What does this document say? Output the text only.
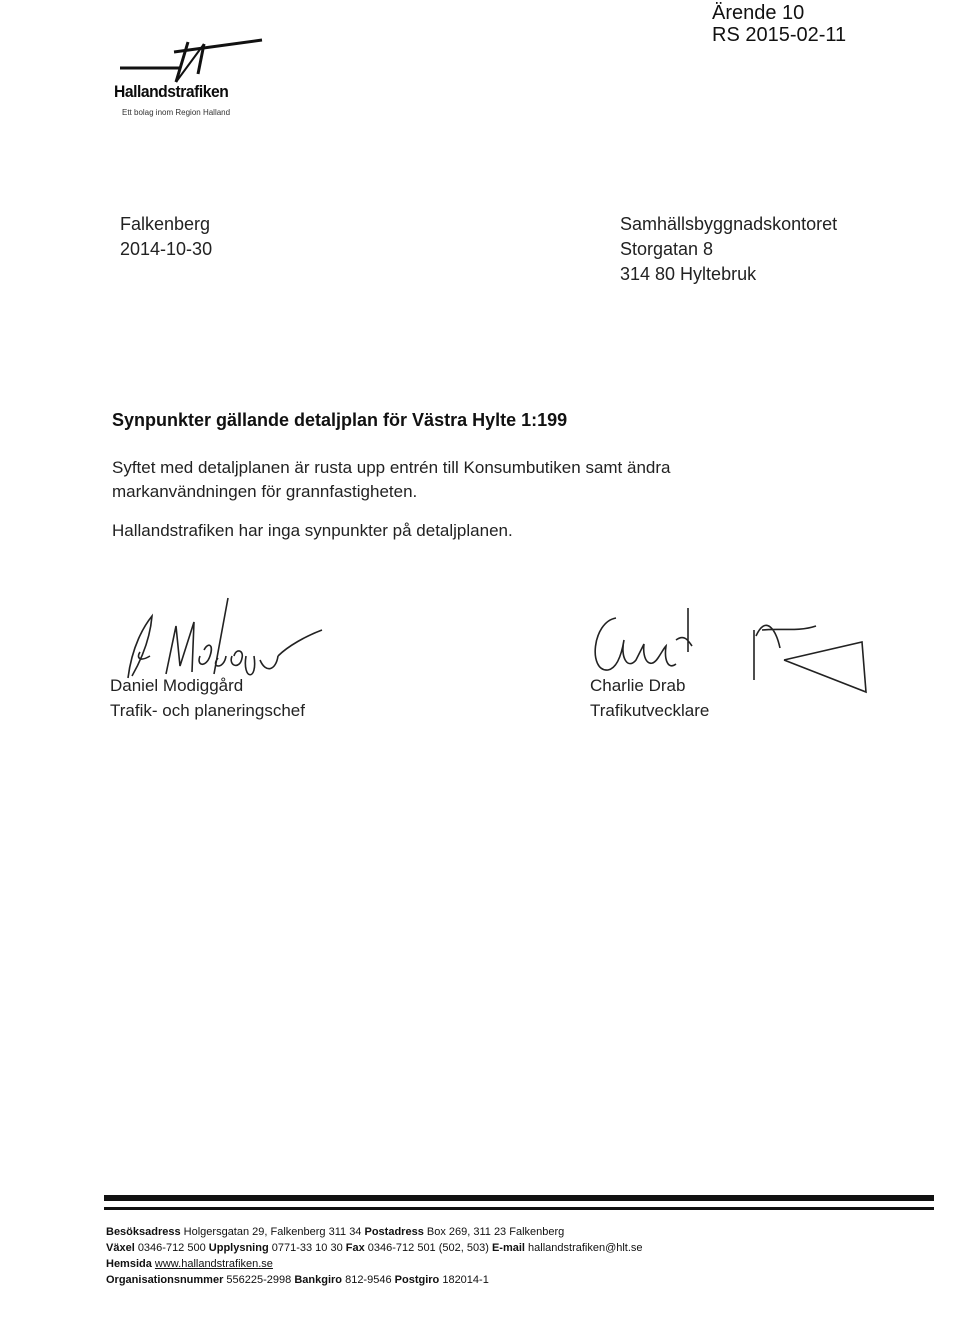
Ärende 10
RS 2015-02-11
Hallandstrafiken
Ett bolag inom Region Halland
Falkenberg
2014-10-30
Samhällsbyggnadskontoret
Storgatan 8
314 80 Hyltebruk
Synpunkter gällande detaljplan för Västra Hylte 1:199
Syftet med detaljplanen är rusta upp entrén till Konsumbutiken samt ändra markanvändningen för grannfastigheten.
Hallandstrafiken har inga synpunkter på detaljplanen.
Daniel Modiggård
Trafik- och planeringschef
Charlie Drab
Trafikutvecklare
Besöksadress Holgersgatan 29, Falkenberg 311 34 Postadress Box 269, 311 23 Falkenberg
Växel 0346-712 500 Upplysning 0771-33 10 30 Fax 0346-712 501 (502, 503) E-mail hallandstrafiken@hlt.se
Hemsida www.hallandstrafiken.se
Organisationsnummer 556225-2998 Bankgiro 812-9546 Postgiro 182014-1
